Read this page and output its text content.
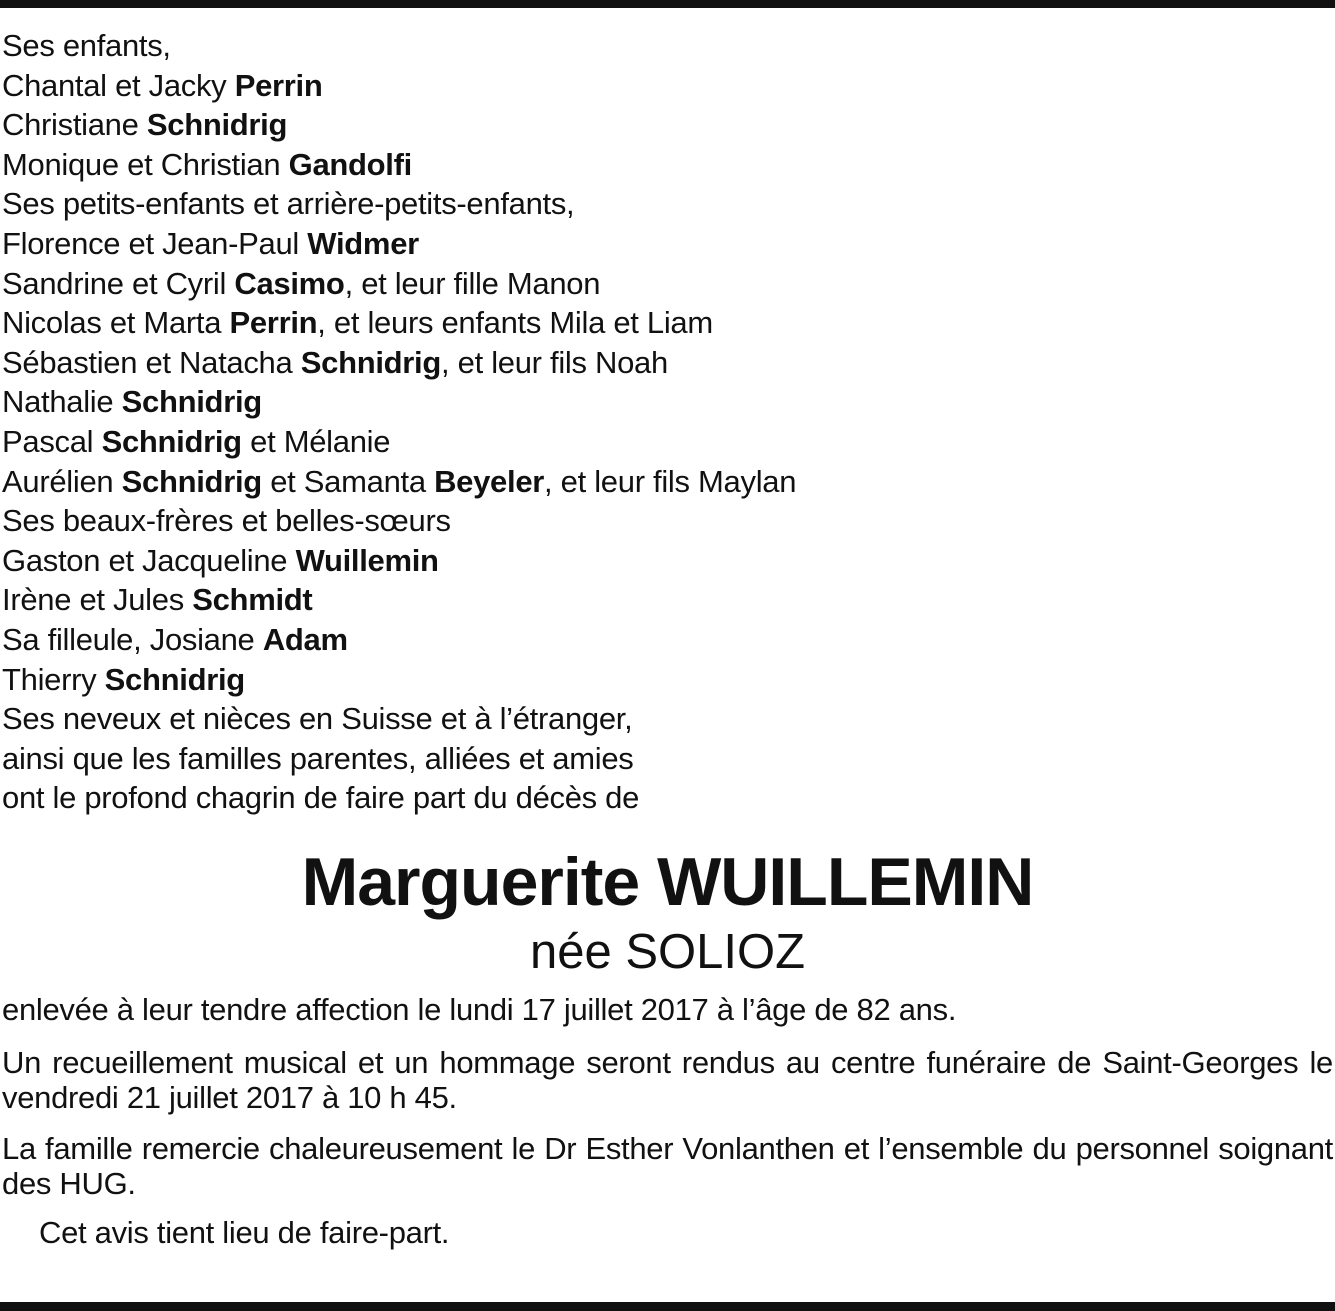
Ses enfants,
Chantal et Jacky Perrin
Christiane Schnidrig
Monique et Christian Gandolfi
Ses petits-enfants et arrière-petits-enfants,
Florence et Jean-Paul Widmer
Sandrine et Cyril Casimo, et leur fille Manon
Nicolas et Marta Perrin, et leurs enfants Mila et Liam
Sébastien et Natacha Schnidrig, et leur fils Noah
Nathalie Schnidrig
Pascal Schnidrig et Mélanie
Aurélien Schnidrig et Samanta Beyeler, et leur fils Maylan
Ses beaux-frères et belles-sœurs
Gaston et Jacqueline Wuillemin
Irène et Jules Schmidt
Sa filleule, Josiane Adam
Thierry Schnidrig
Ses neveux et nièces en Suisse et à l’étranger,
ainsi que les familles parentes, alliées et amies
ont le profond chagrin de faire part du décès de
Marguerite WUILLEMIN
née SOLIOZ
enlevée à leur tendre affection le lundi 17 juillet 2017 à l’âge de 82 ans.
Un recueillement musical et un hommage seront rendus au centre funéraire de Saint-Georges le vendredi 21 juillet 2017 à 10 h 45.
La famille remercie chaleureusement le Dr Esther Vonlanthen et l’ensemble du personnel soignant des HUG.
Cet avis tient lieu de faire-part.
